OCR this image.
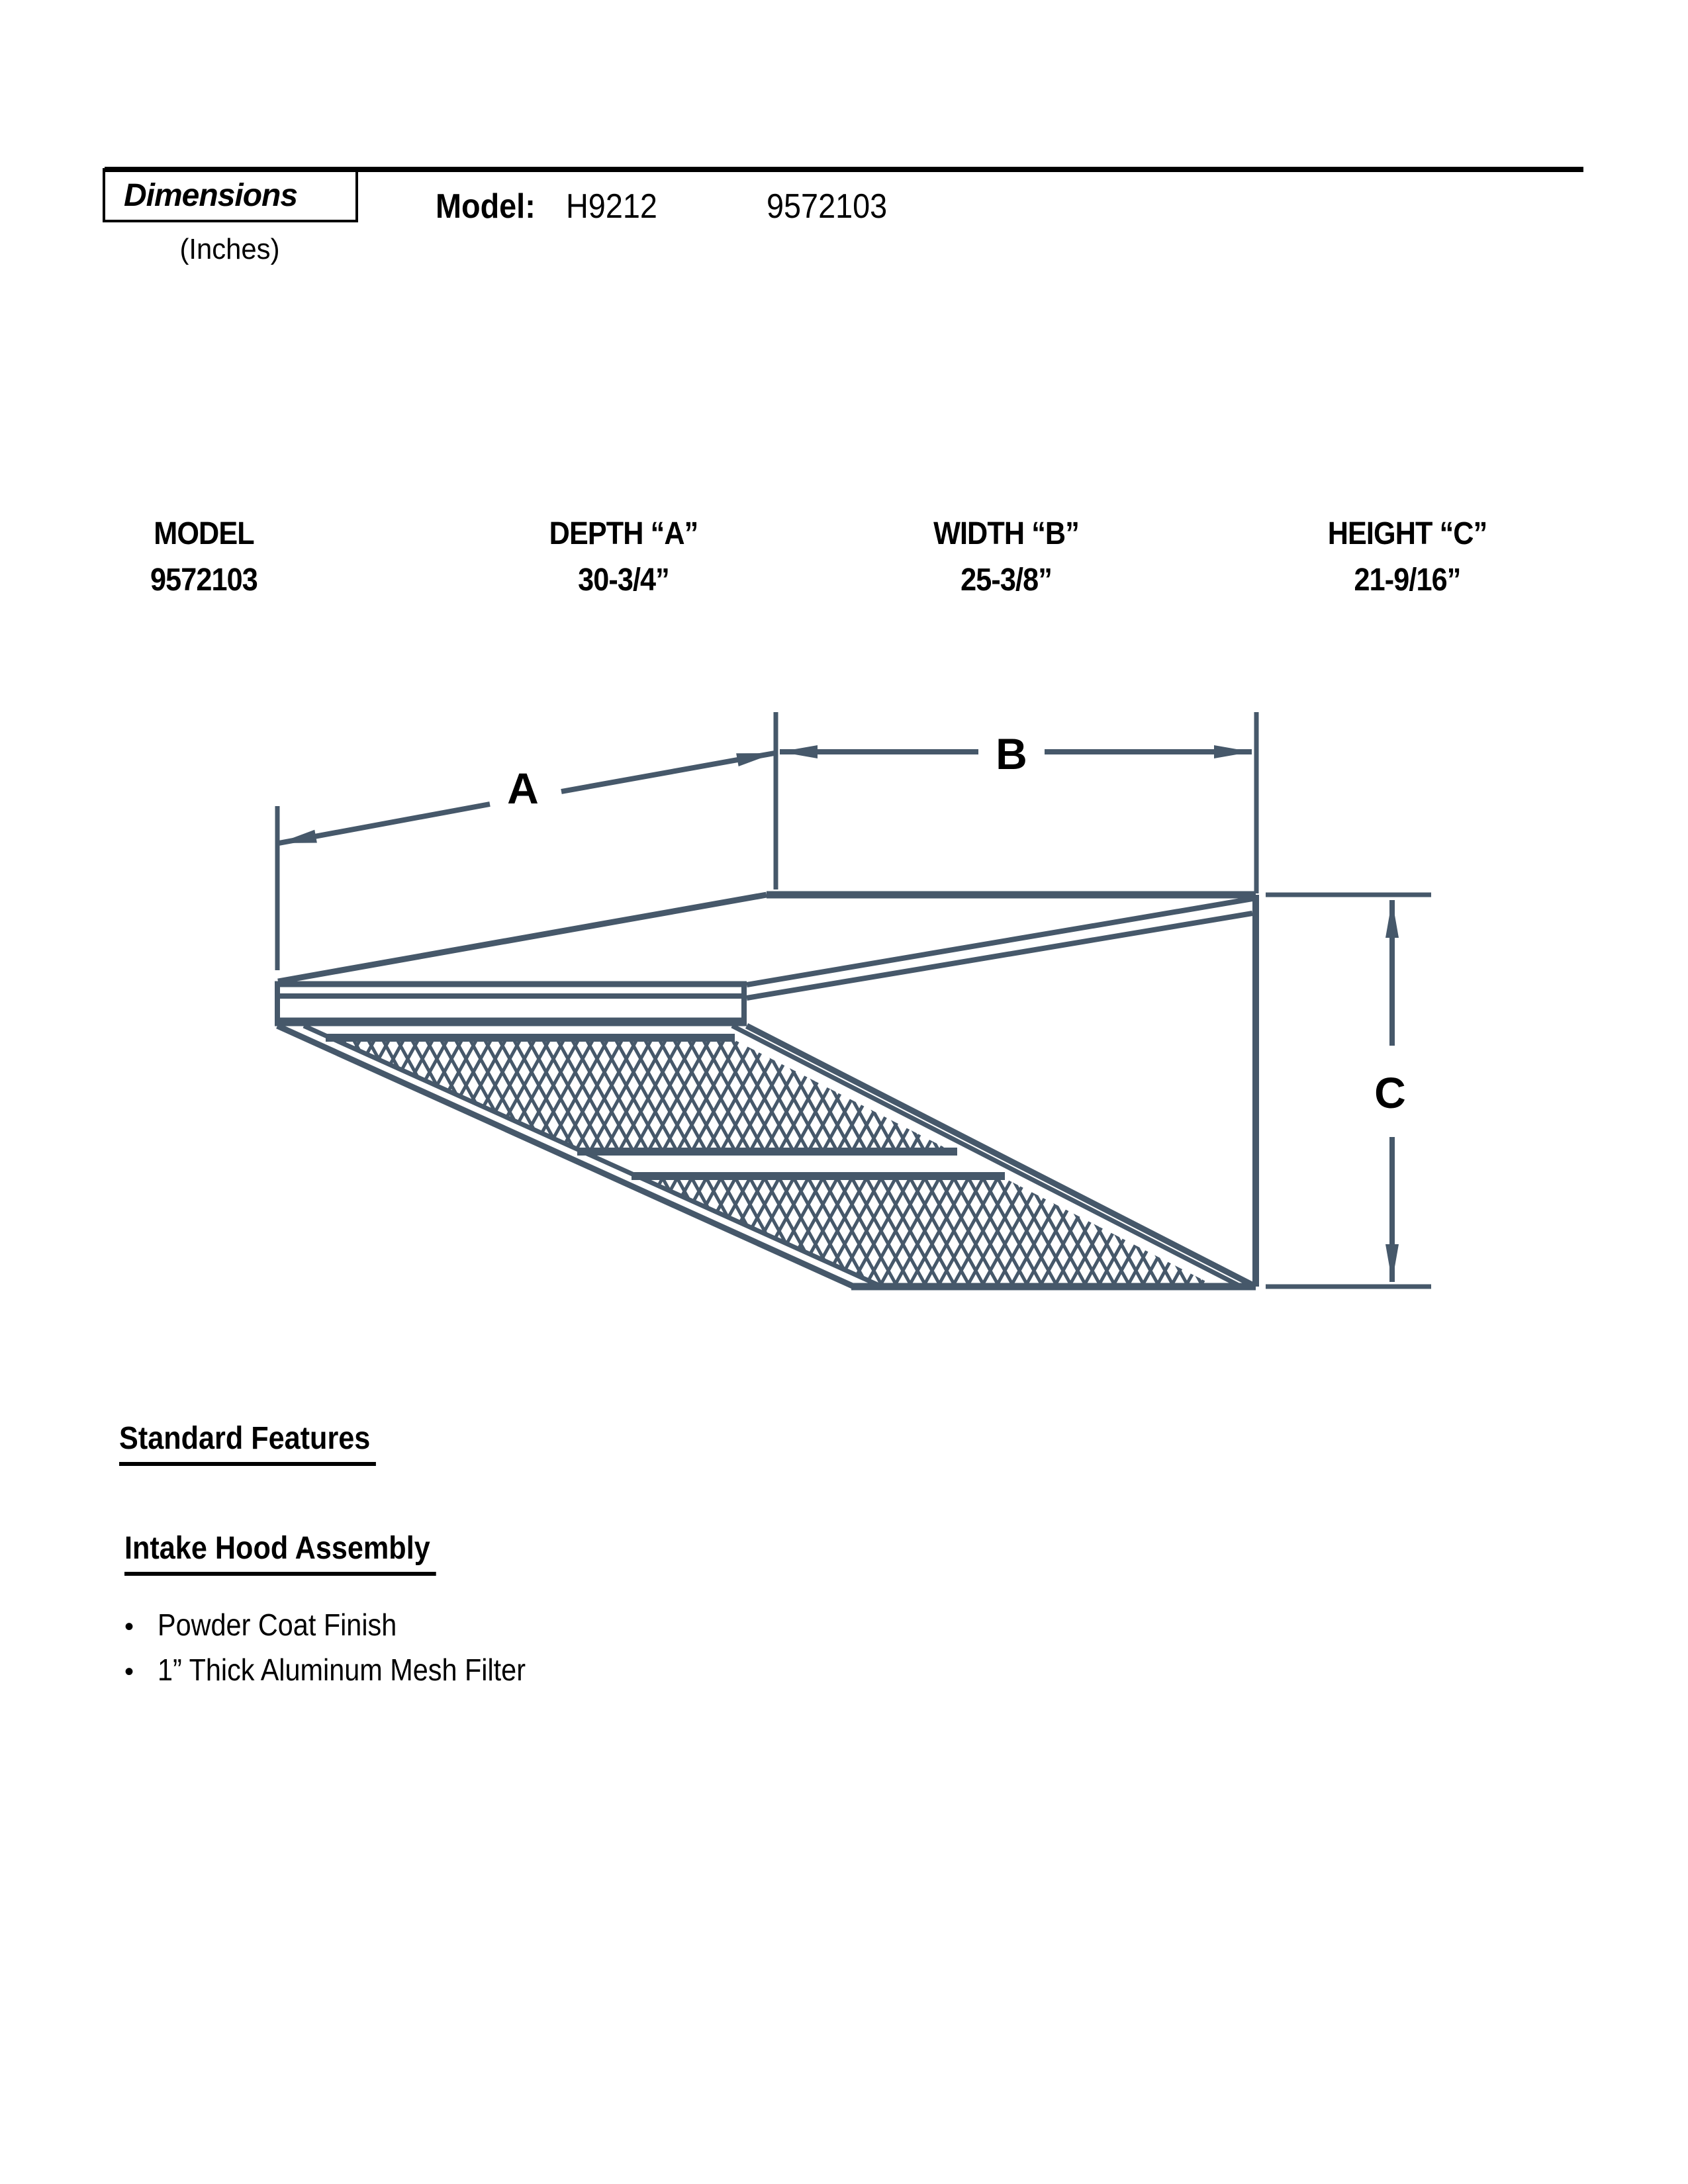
Dimensions
(Inches)
Model: H9212	9572103
MODEL
9572103
DEPTH “A”
30-3/4”
WIDTH “B”
25-3/8”
HEIGHT “C”
21-9/16”
A
B
C
Standard Features
Intake Hood Assembly
• Powder Coat Finish
• 1” Thick Aluminum Mesh Filter
